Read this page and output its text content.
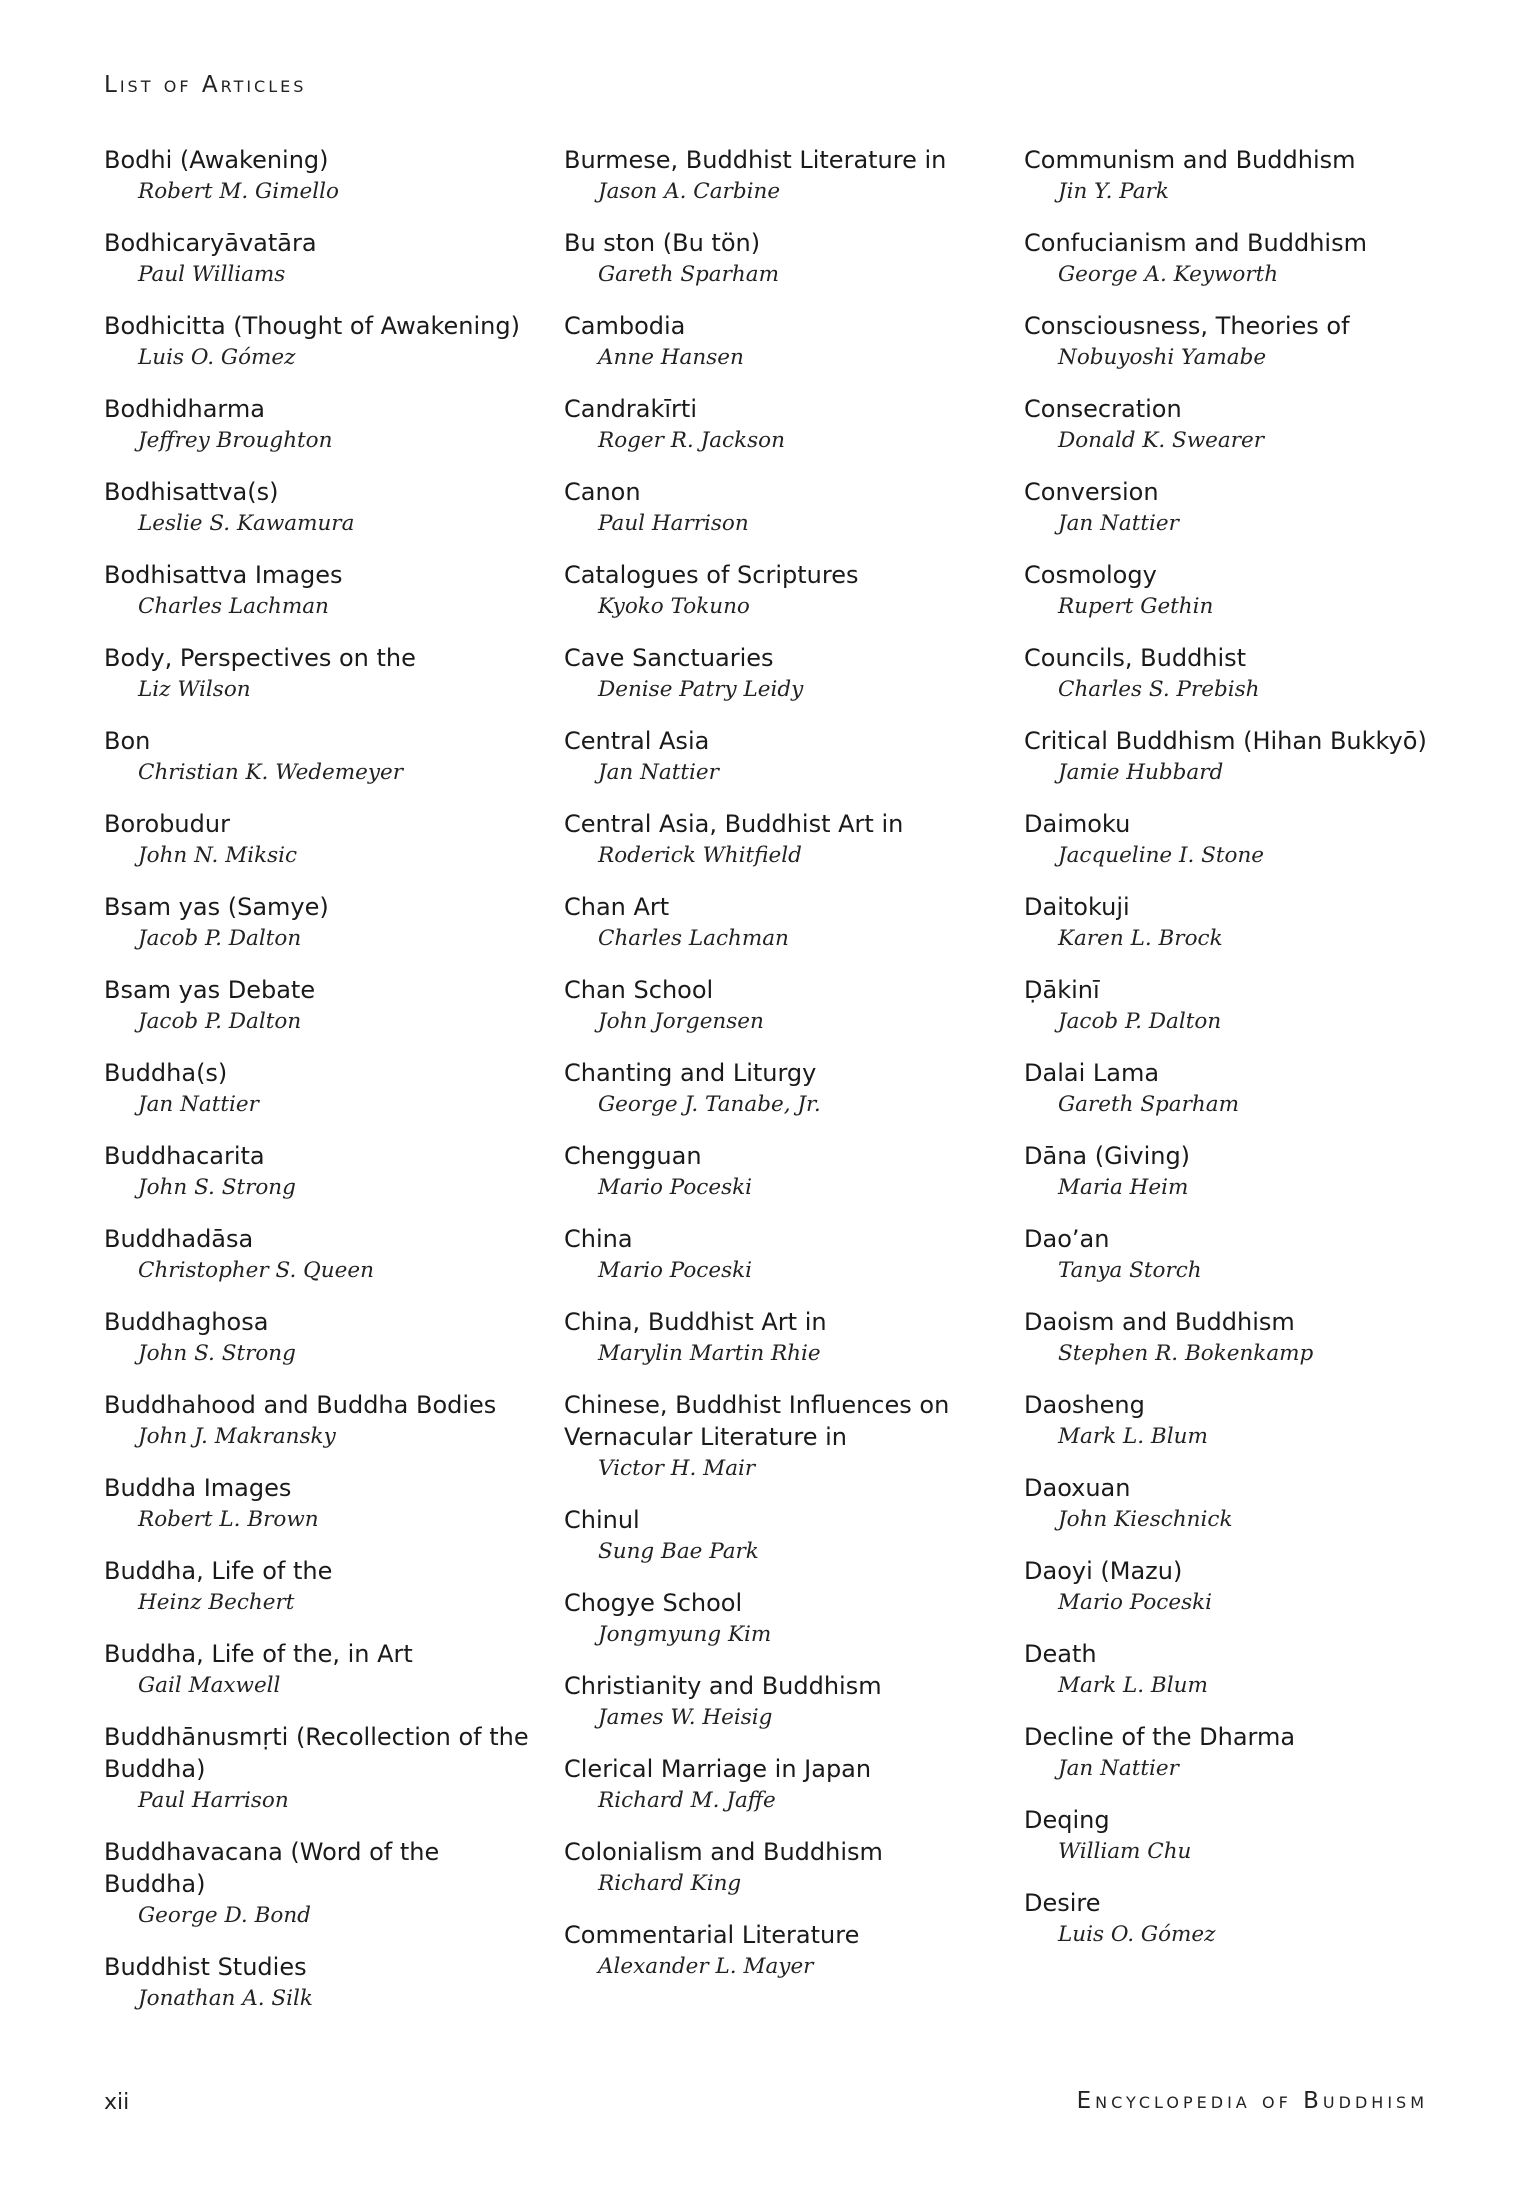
List of Articles
Bodhi (Awakening)
Robert M. Gimello
Bodhicaryāvatāra
Paul Williams
Bodhicitta (Thought of Awakening)
Luis O. Gómez
Bodhidharma
Jeffrey Broughton
Bodhisattva(s)
Leslie S. Kawamura
Bodhisattva Images
Charles Lachman
Body, Perspectives on the
Liz Wilson
Bon
Christian K. Wedemeyer
Borobudur
John N. Miksic
Bsam yas (Samye)
Jacob P. Dalton
Bsam yas Debate
Jacob P. Dalton
Buddha(s)
Jan Nattier
Buddhacarita
John S. Strong
Buddhadāsa
Christopher S. Queen
Buddhaghosa
John S. Strong
Buddhahood and Buddha Bodies
John J. Makransky
Buddha Images
Robert L. Brown
Buddha, Life of the
Heinz Bechert
Buddha, Life of the, in Art
Gail Maxwell
Buddhānusmṛti (Recollection of the Buddha)
Paul Harrison
Buddhavacana (Word of the Buddha)
George D. Bond
Buddhist Studies
Jonathan A. Silk
Burmese, Buddhist Literature in
Jason A. Carbine
Bu ston (Bu tön)
Gareth Sparham
Cambodia
Anne Hansen
Candrakīrti
Roger R. Jackson
Canon
Paul Harrison
Catalogues of Scriptures
Kyoko Tokuno
Cave Sanctuaries
Denise Patry Leidy
Central Asia
Jan Nattier
Central Asia, Buddhist Art in
Roderick Whitfield
Chan Art
Charles Lachman
Chan School
John Jorgensen
Chanting and Liturgy
George J. Tanabe, Jr.
Chengguan
Mario Poceski
China
Mario Poceski
China, Buddhist Art in
Marylin Martin Rhie
Chinese, Buddhist Influences on Vernacular Literature in
Victor H. Mair
Chinul
Sung Bae Park
Chogye School
Jongmyung Kim
Christianity and Buddhism
James W. Heisig
Clerical Marriage in Japan
Richard M. Jaffe
Colonialism and Buddhism
Richard King
Commentarial Literature
Alexander L. Mayer
Communism and Buddhism
Jin Y. Park
Confucianism and Buddhism
George A. Keyworth
Consciousness, Theories of
Nobuyoshi Yamabe
Consecration
Donald K. Swearer
Conversion
Jan Nattier
Cosmology
Rupert Gethin
Councils, Buddhist
Charles S. Prebish
Critical Buddhism (Hihan Bukkyō)
Jamie Hubbard
Daimoku
Jacqueline I. Stone
Daitokuji
Karen L. Brock
Ḍākinī
Jacob P. Dalton
Dalai Lama
Gareth Sparham
Dāna (Giving)
Maria Heim
Dao’an
Tanya Storch
Daoism and Buddhism
Stephen R. Bokenkamp
Daosheng
Mark L. Blum
Daoxuan
John Kieschnick
Daoyi (Mazu)
Mario Poceski
Death
Mark L. Blum
Decline of the Dharma
Jan Nattier
Deqing
William Chu
Desire
Luis O. Gómez
xii	Encyclopedia of Buddhism
